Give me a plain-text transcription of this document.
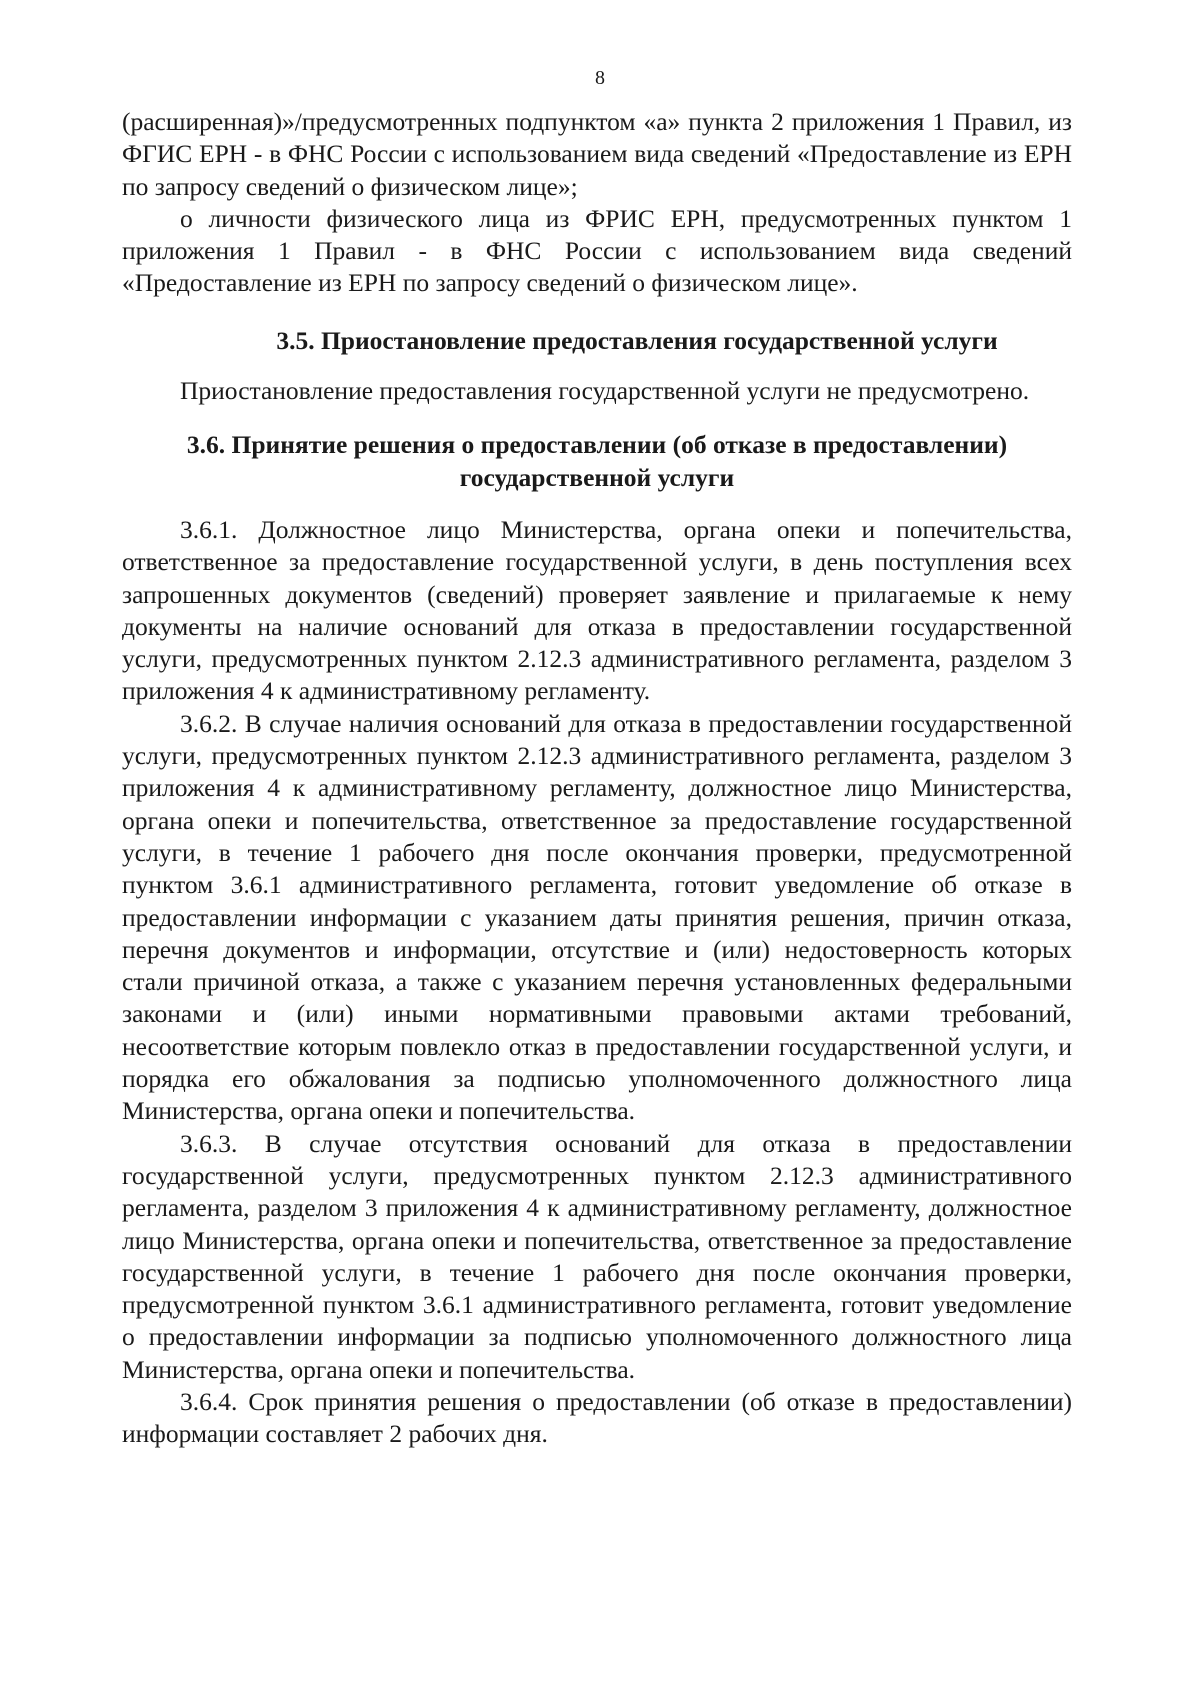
8

(расширенная)»/предусмотренных подпунктом «а» пункта 2 приложения 1 Правил, из ФГИС ЕРН - в ФНС России с использованием вида сведений «Предоставление из ЕРН по запросу сведений о физическом лице»;

о личности физического лица из ФРИС ЕРН, предусмотренных пунктом 1 приложения 1 Правил - в ФНС России с использованием вида сведений «Предоставление из ЕРН по запросу сведений о физическом лице».

3.5. Приостановление предоставления государственной услуги

Приостановление предоставления государственной услуги не предусмотрено.

3.6. Принятие решения о предоставлении (об отказе в предоставлении)

государственной услуги

3.6.1. Должностное лицо Министерства, органа опеки и попечительства, ответственное за предоставление государственной услуги, в день поступления всех запрошенных документов (сведений) проверяет заявление и прилагаемые к нему документы на наличие оснований для отказа в предоставлении государственной услуги, предусмотренных пунктом 2.12.3 административного регламента, разделом 3 приложения 4 к административному регламенту.

3.6.2. В случае наличия оснований для отказа в предоставлении государственной услуги, предусмотренных пунктом 2.12.3 административного регламента, разделом 3 приложения 4 к административному регламенту, должностное лицо Министерства, органа опеки и попечительства, ответственное за предоставление государственной услуги, в течение 1 рабочего дня после окончания проверки, предусмотренной пунктом 3.6.1 административного регламента, готовит уведомление об отказе в предоставлении информации с указанием даты принятия решения, причин отказа, перечня документов и информации, отсутствие и (или) недостоверность которых стали причиной отказа, а также с указанием перечня установленных федеральными законами и (или) иными нормативными правовыми актами требований, несоответствие которым повлекло отказ в предоставлении государственной услуги, и порядка его обжалования за подписью уполномоченного должностного лица Министерства, органа опеки и попечительства.

3.6.3. В случае отсутствия оснований для отказа в предоставлении государственной услуги, предусмотренных пунктом 2.12.3 административного регламента, разделом 3 приложения 4 к административному регламенту, должностное лицо Министерства, органа опеки и попечительства, ответственное за предоставление государственной услуги, в течение 1 рабочего дня после окончания проверки, предусмотренной пунктом 3.6.1 административного регламента, готовит уведомление о предоставлении информации за подписью уполномоченного должностного лица Министерства, органа опеки и попечительства.

3.6.4. Срок принятия решения о предоставлении (об отказе в предоставлении) информации составляет 2 рабочих дня.
